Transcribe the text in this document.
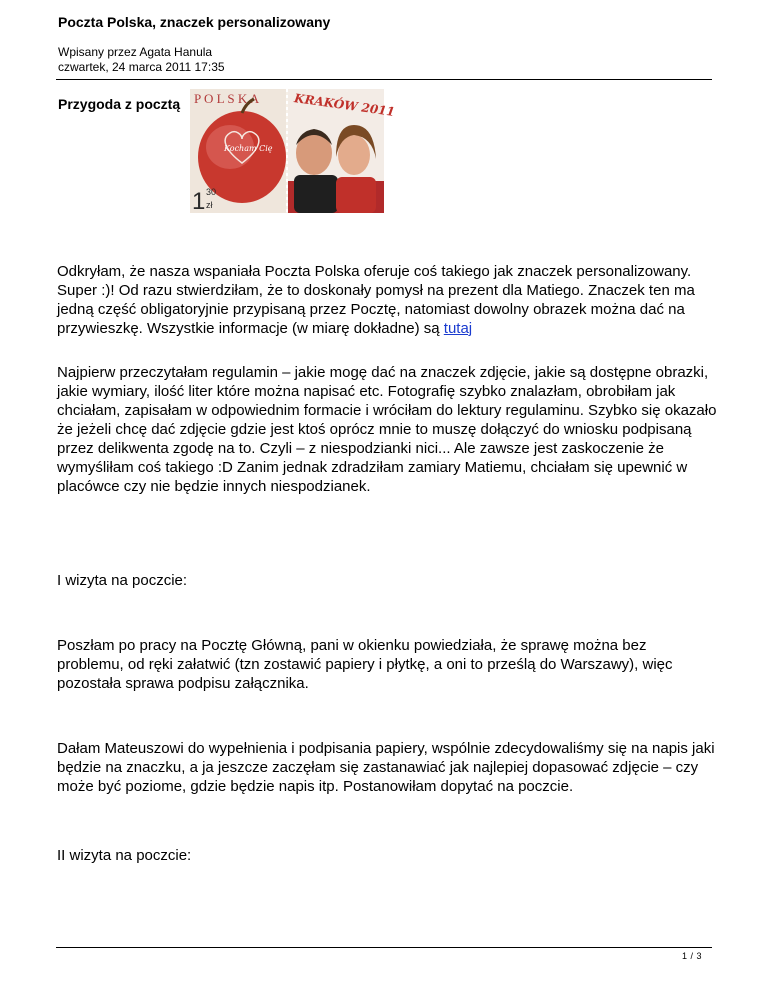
Poczta Polska, znaczek personalizowany
Wpisany przez Agata Hanula
czwartek, 24 marca 2011 17:35
Przygoda z pocztą P O L S K A
Kocham Cię
1 30
zł
KRAKÓW 2011

Odkryłam, że nasza wspaniała Poczta Polska oferuje coś takiego jak znaczek personalizowany. Super :)! Od razu stwierdziłam, że to doskonały pomysł na prezent dla Matiego. Znaczek ten ma jedną część obligatoryjnie przypisaną przez Pocztę, natomiast dowolny obrazek można dać na przywieszkę. Wszystkie informacje (w miarę dokładne) są tutaj

Najpierw przeczytałam regulamin – jakie mogę dać na znaczek zdjęcie, jakie są dostępne obrazki, jakie wymiary, ilość liter które można napisać etc. Fotografię szybko znalazłam, obrobiłam jak chciałam, zapisałam w odpowiednim formacie i wróciłam do lektury regulaminu. Szybko się okazało że jeżeli chcę dać zdjęcie gdzie jest ktoś oprócz mnie to muszę dołączyć do wniosku podpisaną przez delikwenta zgodę na to. Czyli – z niespodzianki nici... Ale zawsze jest zaskoczenie że wymyśliłam coś takiego :D Zanim jednak zdradziłam zamiary Matiemu, chciałam się upewnić w placówce czy nie będzie innych niespodzianek.

I wizyta na poczcie:

Poszłam po pracy na Pocztę Główną, pani w okienku powiedziała, że sprawę można bez problemu, od ręki załatwić (tzn zostawić papiery i płytkę, a oni to prześlą do Warszawy), więc pozostała sprawa podpisu załącznika.

Dałam Mateuszowi do wypełnienia i podpisania papiery, wspólnie zdecydowaliśmy się na napis jaki będzie na znaczku, a ja jeszcze zaczęłam się zastanawiać jak najlepiej dopasować zdjęcie – czy może być poziome, gdzie będzie napis itp. Postanowiłam dopytać na poczcie.

II wizyta na poczcie:

1 / 3
